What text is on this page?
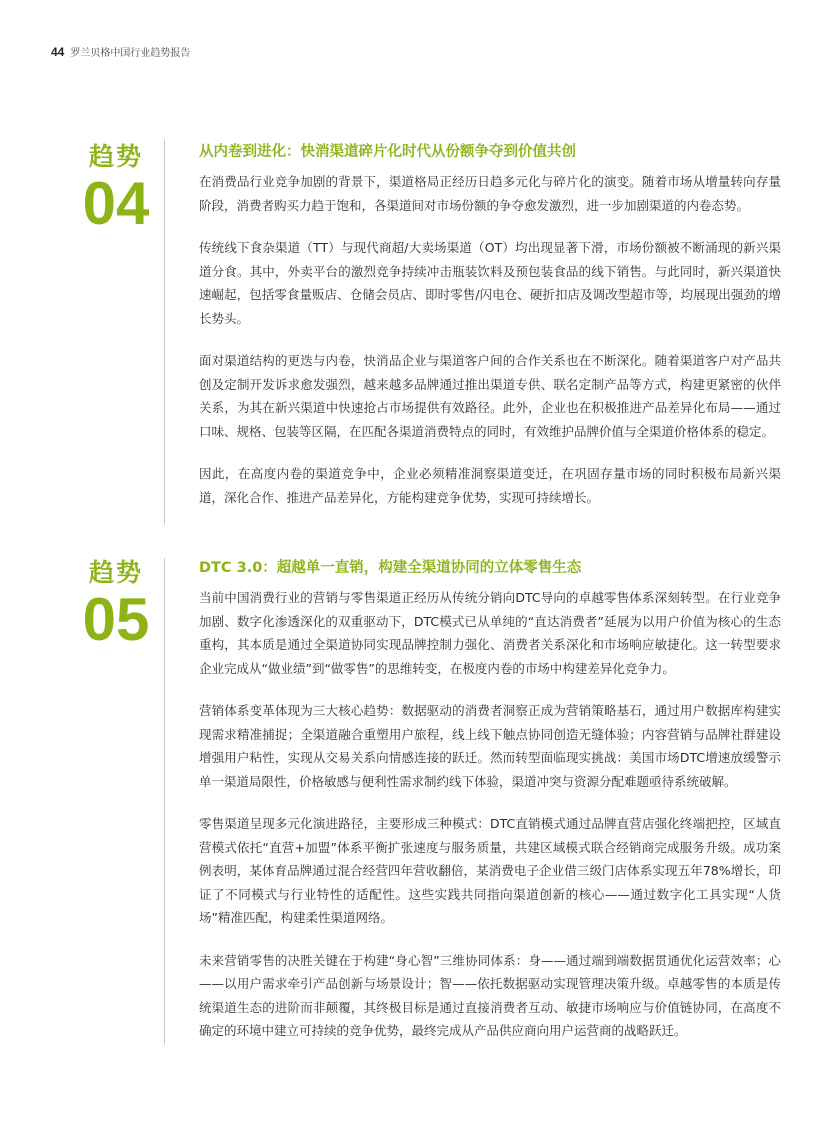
44 罗兰贝格中国行业趋势报告
趋势
04
从内卷到进化：快消渠道碎片化时代从份额争夺到价值共创

在消费品行业竞争加剧的背景下，渠道格局正经历日趋多元化与碎片化的演变。随着市场从增量转向存量阶段，消费者购买力趋于饱和，各渠道间对市场份额的争夺愈发激烈，进一步加剧渠道的内卷态势。

传统线下食杂渠道（TT）与现代商超/大卖场渠道（OT）均出现显著下滑，市场份额被不断涌现的新兴渠道分食。其中，外卖平台的激烈竞争持续冲击瓶装饮料及预包装食品的线下销售。与此同时，新兴渠道快速崛起，包括零食量贩店、仓储会员店、即时零售/闪电仓、硬折扣店及调改型超市等，均展现出强劲的增长势头。

面对渠道结构的更迭与内卷，快消品企业与渠道客户间的合作关系也在不断深化。随着渠道客户对产品共创及定制开发诉求愈发强烈，越来越多品牌通过推出渠道专供、联名定制产品等方式，构建更紧密的伙伴关系，为其在新兴渠道中快速抢占市场提供有效路径。此外，企业也在积极推进产品差异化布局——通过口味、规格、包装等区隔，在匹配各渠道消费特点的同时，有效维护品牌价值与全渠道价格体系的稳定。

因此，在高度内卷的渠道竞争中，企业必须精准洞察渠道变迁，在巩固存量市场的同时积极布局新兴渠道，深化合作、推进产品差异化，方能构建竞争优势，实现可持续增长。

趋势
05
DTC 3.0：超越单一直销，构建全渠道协同的立体零售生态

当前中国消费行业的营销与零售渠道正经历从传统分销向DTC导向的卓越零售体系深刻转型。在行业竞争加剧、数字化渗透深化的双重驱动下，DTC模式已从单纯的“直达消费者”延展为以用户价值为核心的生态重构，其本质是通过全渠道协同实现品牌控制力强化、消费者关系深化和市场响应敏捷化。这一转型要求企业完成从“做业绩”到“做零售”的思维转变，在极度内卷的市场中构建差异化竞争力。

营销体系变革体现为三大核心趋势：数据驱动的消费者洞察正成为营销策略基石，通过用户数据库构建实现需求精准捕捉；全渠道融合重塑用户旅程，线上线下触点协同创造无缝体验；内容营销与品牌社群建设增强用户粘性，实现从交易关系向情感连接的跃迁。然而转型面临现实挑战：美国市场DTC增速放缓警示单一渠道局限性，价格敏感与便利性需求制约线下体验，渠道冲突与资源分配难题亟待系统破解。

零售渠道呈现多元化演进路径，主要形成三种模式：DTC直销模式通过品牌直营店强化终端把控，区域直营模式依托“直营+加盟”体系平衡扩张速度与服务质量，共建区域模式联合经销商完成服务升级。成功案例表明，某体育品牌通过混合经营四年营收翻倍，某消费电子企业借三级门店体系实现五年78%增长，印证了不同模式与行业特性的适配性。这些实践共同指向渠道创新的核心——通过数字化工具实现“人货场”精准匹配，构建柔性渠道网络。

未来营销零售的决胜关键在于构建“身心智”三维协同体系：身——通过端到端数据贯通优化运营效率；心——以用户需求牵引产品创新与场景设计；智——依托数据驱动实现管理决策升级。卓越零售的本质是传统渠道生态的进阶而非颠覆，其终极目标是通过直接消费者互动、敏捷市场响应与价值链协同，在高度不确定的环境中建立可持续的竞争优势，最终完成从产品供应商向用户运营商的战略跃迁。
